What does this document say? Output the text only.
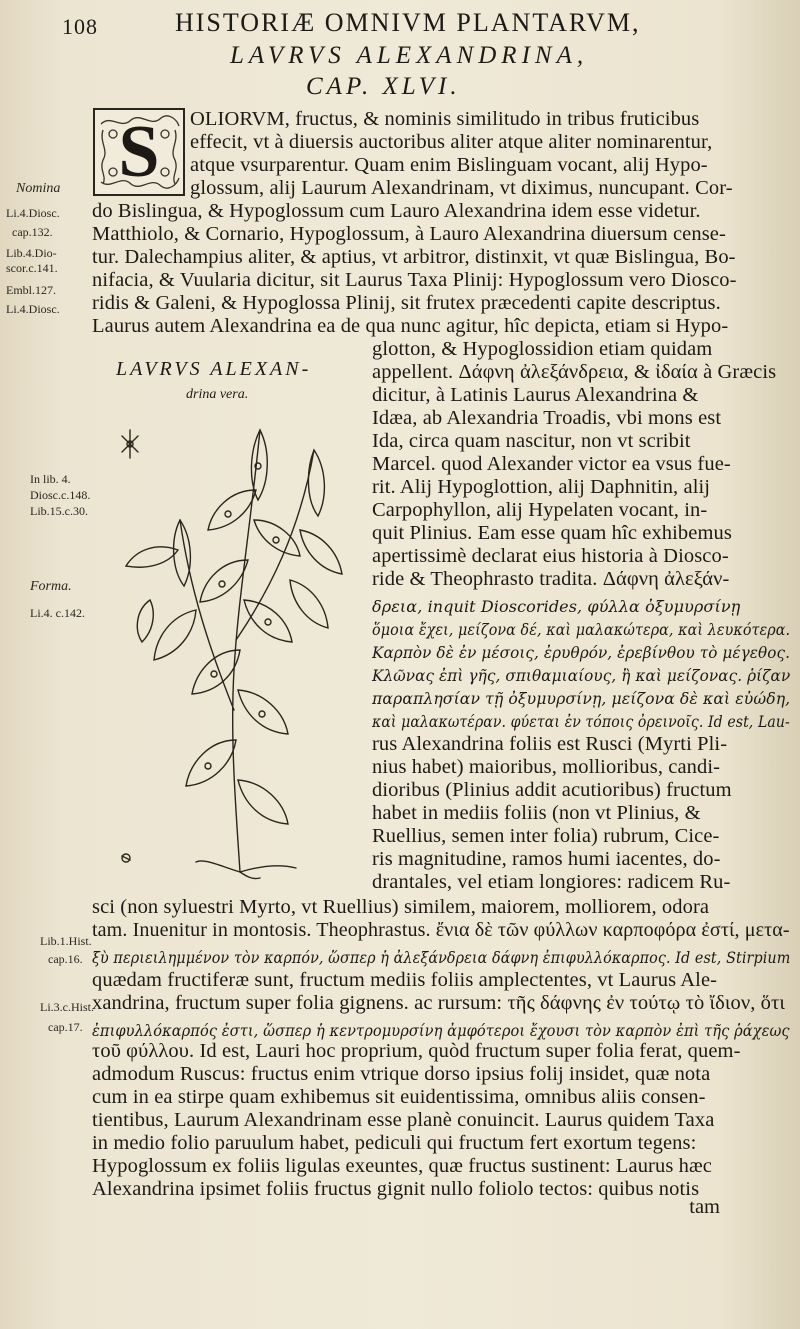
108	HISTORIÆ OMNIVM PLANTARVM,
LAVRVS ALEXANDRINA,
CAP. XLVI.
S
Nomina
Li.4.Diosc.
cap.132.
Lib.4.Dio-
scor.c.141.
Embl.127.
Li.4.Diosc.
In lib. 4.
Diosc.c.148.
Lib.15.c.30.
Forma.
Li.4. c.142.
Lib.1.Hist.
cap.16.
Li.3.c.Hist.
cap.17.
LAVRVS ALEXAN-
drina vera.
OLIORVM, fructus, & nominis similitudo in tribus fruticibus
effecit, vt à diuersis auctoribus aliter atque aliter nominarentur,
atque vsurparentur. Quam enim Bislinguam vocant, alij Hypo-
glossum, alij Laurum Alexandrinam, vt diximus, nuncupant. Cor-
do Bislingua, & Hypoglossum cum Lauro Alexandrina idem esse videtur.
Matthiolo, & Cornario, Hypoglossum, à Lauro Alexandrina diuersum cense-
tur. Dalechampius aliter, & aptius, vt arbitror, distinxit, vt quæ Bislingua, Bo-
nifacia, & Vuularia dicitur, sit Laurus Taxa Plinij: Hypoglossum vero Diosco-
ridis & Galeni, & Hypoglossa Plinij, sit frutex præcedenti capite descriptus.
Laurus autem Alexandrina ea de qua nunc agitur, hîc depicta, etiam si Hypo-
glotton, & Hypoglossidion etiam quidam
appellent. Δάφνη ἀλεξάνδρεια, & ἰδαία à Græcis
dicitur, à Latinis Laurus Alexandrina &
Idæa, ab Alexandria Troadis, vbi mons est
Ida, circa quam nascitur, non vt scribit
Marcel. quod Alexander victor ea vsus fue-
rit. Alij Hypoglottion, alij Daphnitin, alij
Carpophyllon, alij Hypelaten vocant, in-
quit Plinius. Eam esse quam hîc exhibemus
apertissimè declarat eius historia à Diosco-
ride & Theophrasto tradita. Δάφνη ἀλεξάν-
δρεια, inquit Dioscorides, φύλλα ὀξυμυρσίνῃ
ὅμοια ἔχει, μείζονα δέ, καὶ μαλακώτερα, καὶ λευκότερα.
Καρπὸν δὲ ἐν μέσοις, ἐρυθρόν, ἐρεβίνθου τὸ μέγεθος.
Κλῶνας ἐπὶ γῆς, σπιθαμιαίους, ἢ καὶ μείζονας. ῥίζαν
παραπλησίαν τῇ ὀξυμυρσίνῃ, μείζονα δὲ καὶ εὐώδη,
καὶ μαλακωτέραν. φύεται ἐν τόποις ὀρεινοῖς. Id est, Lau-
rus Alexandrina foliis est Rusci (Myrti Pli-
nius habet) maioribus, mollioribus, candi-
dioribus (Plinius addit acutioribus) fructum
habet in mediis foliis (non vt Plinius, &
Ruellius, semen inter folia) rubrum, Cice-
ris magnitudine, ramos humi iacentes, do-
drantales, vel etiam longiores: radicem Ru-
sci (non syluestri Myrto, vt Ruellius) similem, maiorem, molliorem, odora
tam. Inuenitur in montosis. Theophrastus. ἔνια δὲ τῶν φύλλων καρποφόρα ἐστί, μετα-
ξὺ περιειλημμένον τὸν καρπόν, ὥσπερ ἡ ἀλεξάνδρεια δάφνη ἐπιφυλλόκαρπος. Id est, Stirpium
quædam fructiferæ sunt, fructum mediis foliis amplectentes, vt Laurus Ale-
xandrina, fructum super folia gignens. ac rursum: τῆς δάφνης ἐν τούτῳ τὸ ἴδιον, ὅτι
ἐπιφυλλόκαρπός ἐστι, ὥσπερ ἡ κεντρομυρσίνη ἀμφότεροι ἔχουσι τὸν καρπὸν ἐπὶ τῆς ῥάχεως
τοῦ φύλλου. Id est, Lauri hoc proprium, quòd fructum super folia ferat, quem-
admodum Ruscus: fructus enim vtrique dorso ipsius folij insidet, quæ nota
cum in ea stirpe quam exhibemus sit euidentissima, omnibus aliis consen-
tientibus, Laurum Alexandrinam esse planè conuincit. Laurus quidem Taxa
in medio folio paruulum habet, pediculi qui fructum fert exortum tegens:
Hypoglossum ex foliis ligulas exeuntes, quæ fructus sustinent: Laurus hæc
Alexandrina ipsimet foliis fructus gignit nullo foliolo tectos: quibus notis
tam
